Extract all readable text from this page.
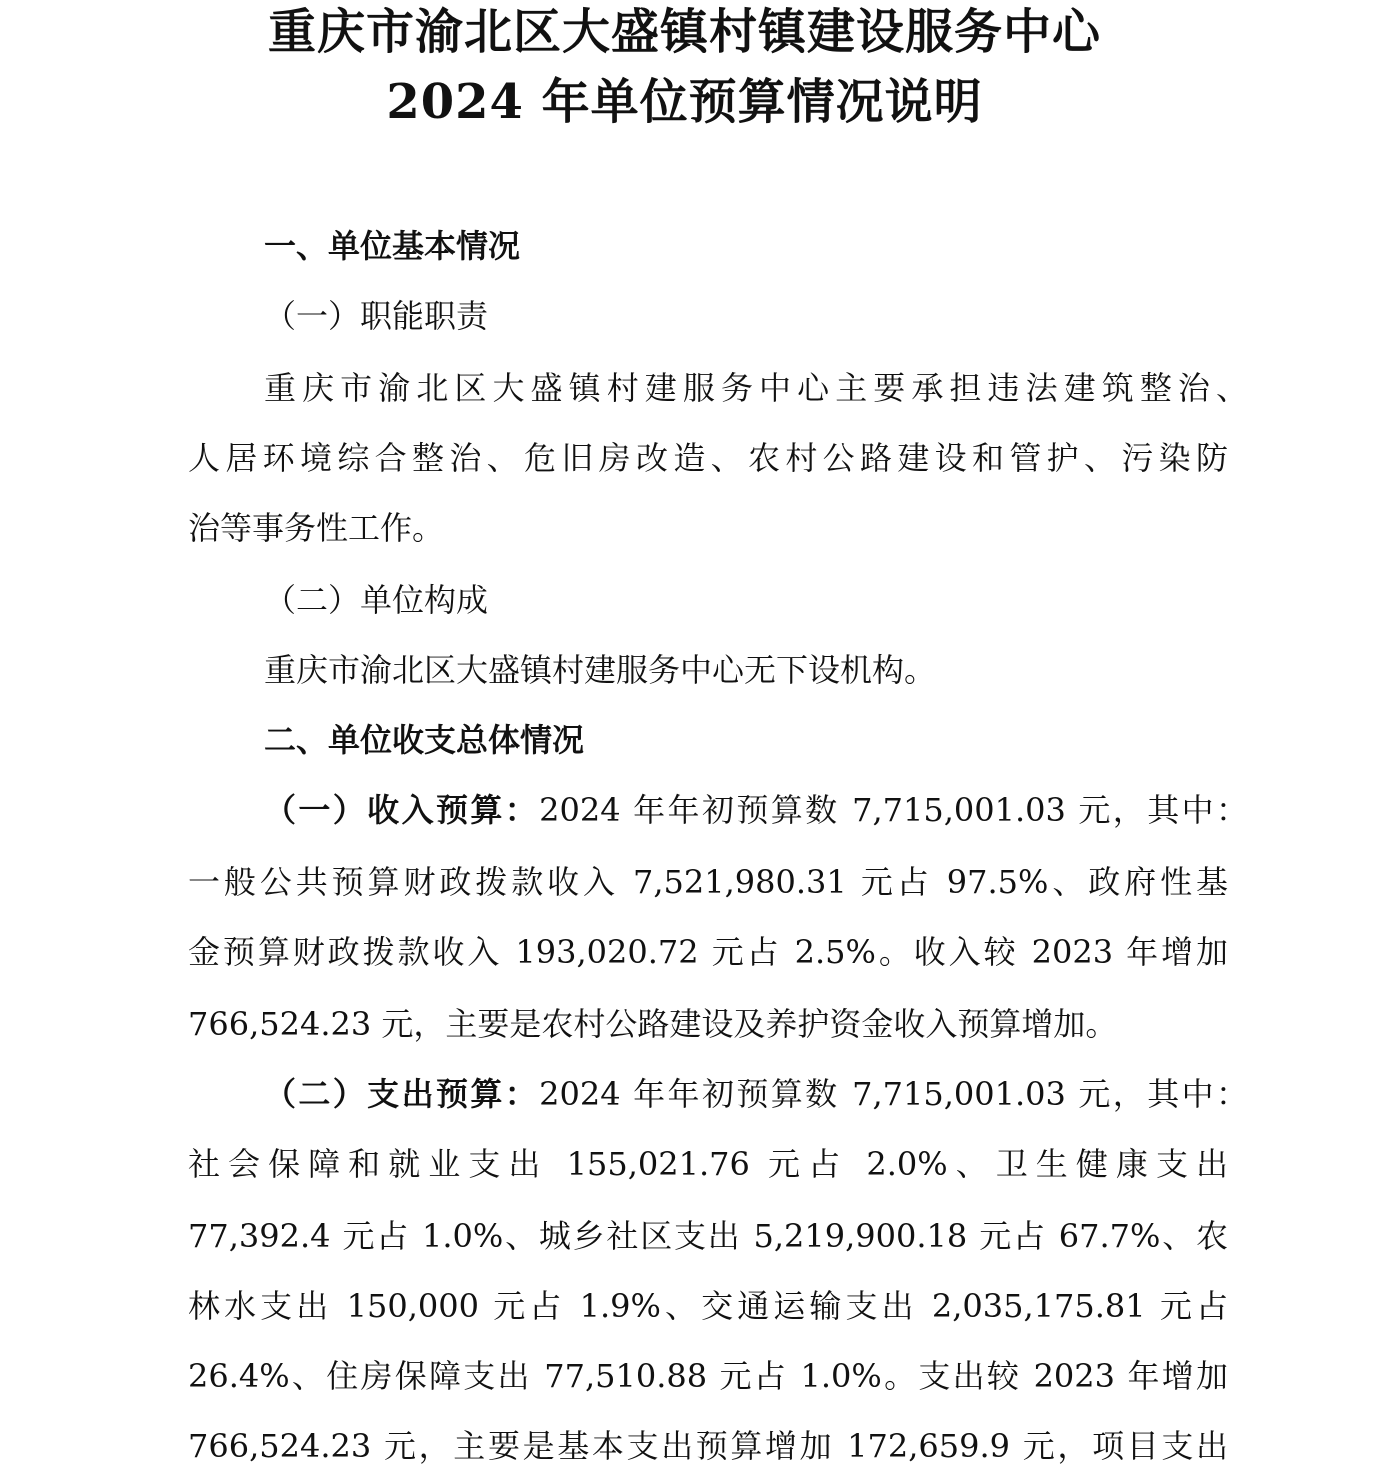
重庆市渝北区大盛镇村镇建设服务中心
2024 年单位预算情况说明
一、单位基本情况
（一）职能职责
重庆市渝北区大盛镇村建服务中心主要承担违法建筑整治、
人居环境综合整治、危旧房改造、农村公路建设和管护、污染防
治等事务性工作。
（二）单位构成
重庆市渝北区大盛镇村建服务中心无下设机构。
二、单位收支总体情况
（一）收入预算：2024 年年初预算数 7,715,001.03 元，其中：
一般公共预算财政拨款收入 7,521,980.31 元占 97.5%、政府性基
金预算财政拨款收入 193,020.72 元占 2.5%。收入较 2023 年增加
766,524.23 元，主要是农村公路建设及养护资金收入预算增加。
（二）支出预算：2024 年年初预算数 7,715,001.03 元，其中：
社会保障和就业支出 155,021.76 元占 2.0%、卫生健康支出
77,392.4 元占 1.0%、城乡社区支出 5,219,900.18 元占 67.7%、农
林水支出 150,000 元占 1.9%、交通运输支出 2,035,175.81 元占
26.4%、住房保障支出 77,510.88 元占 1.0%。支出较 2023 年增加
766,524.23 元，主要是基本支出预算增加 172,659.9 元，项目支出
